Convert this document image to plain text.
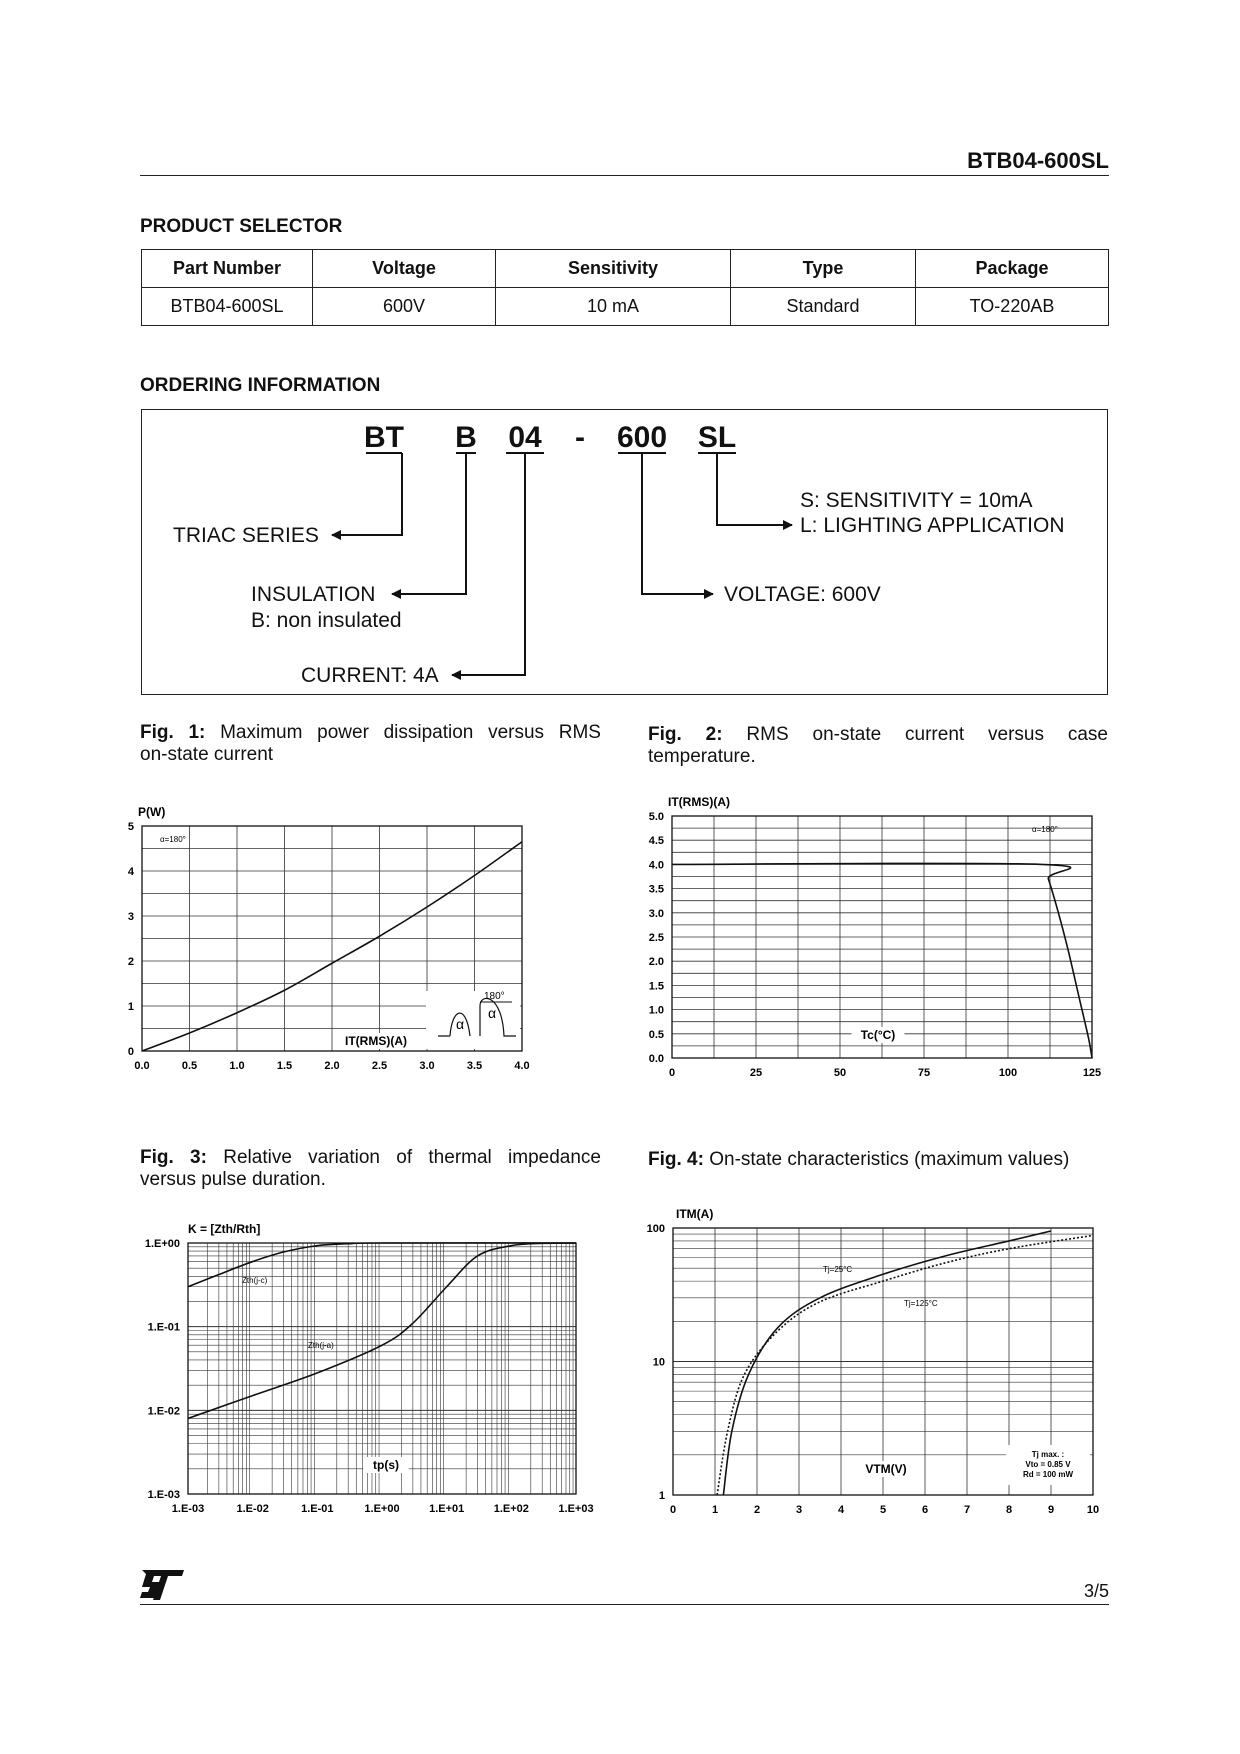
BTB04-600SL
PRODUCT SELECTOR
Part Number	Voltage	Sensitivity	Type	Package
BTB04-600SL	600V	10 mA	Standard	TO-220AB
ORDERING INFORMATION
BT B 04 - 600 SL
TRIAC SERIES
INSULATION
B: non insulated
CURRENT: 4A
VOLTAGE: 600V
S: SENSITIVITY = 10mA
L: LIGHTING APPLICATION
Fig. 1: Maximum power dissipation versus RMS
on-state current
Fig. 2: RMS on-state current versus case
temperature.
Fig. 3: Relative variation of thermal impedance
versus pulse duration.
Fig. 4: On-state characteristics (maximum values)
0.0	0.5	1.0	1.5	2.0	2.5	3.0	3.5	4.0
0
1
2
3
4
5
P(W)
IT(RMS)(A)
α=180°
180°
α
α
0	25	50	75	100	125
0.0
0.5
1.0
1.5
2.0
2.5
3.0
3.5
4.0
4.5
5.0
IT(RMS)(A)
Tc(°C)
α=180°
1.E-03	1.E-02	1.E-01	1.E+00	1.E+01	1.E+02	1.E+03
1.E-03
1.E-02
1.E-01
1.E+00
K = [Zth/Rth]
tp(s)
Zth(j-c)
Zth(j-a)
0	1	2	3	4	5	6	7	8	9	10
1
10
100
ITM(A)
VTM(V)
Tj=25°C
Tj=125°C
Tj max. :
Vto = 0.85 V
Rd = 100 mW
3/5
